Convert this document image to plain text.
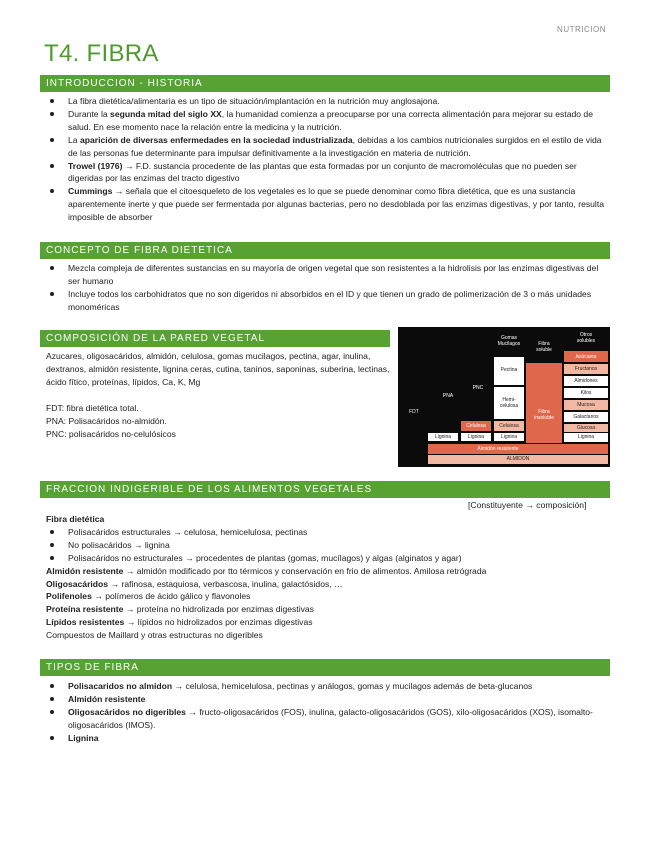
NUTRICION
T4. FIBRA
INTRODUCCION - HISTORIA
La fibra dietética/alimentaria es un tipo de situación/implantación en la nutrición muy anglosajona.
Durante la segunda mitad del siglo XX, la humanidad comienza a preocuparse por una correcta alimentación para mejorar su estado de salud. En ese momento nace la relación entre la medicina y la nutrición.
La aparición de diversas enfermedades en la sociedad industrializada, debidas a los cambios nutricionales surgidos en el estilo de vida de las personas fue determinante para impulsar definitivamente a la investigación en materia de nutrición.
Trowel (1976) → F.D. sustancia procedente de las plantas que esta formadas por un conjunto de macromoléculas que no pueden ser digeridas por las enzimas del tracto digestivo
Cummings → señala que el citoesqueleto de los vegetales es lo que se puede denominar como fibra dietética, que es una sustancia aparentemente inerte y que puede ser fermentada por algunas bacterias, pero no desdoblada por las enzimas digestivas, y por tanto, resulta imposible de absorber
CONCEPTO DE FIBRA DIETETICA
Mezcla compleja de diferentes sustancias en su mayoría de origen vegetal que son resistentes a la hidrolisis por las enzimas digestivas del ser humano
Incluye todos los carbohidratos que no son digeridos ni absorbidos en el ID y que tienen un grado de polimerización de 3 o más unidades monoméricas
COMPOSICIÓN DE LA PARED VEGETAL

Azucares, oligosacáridos, almidón, celulosa, gomas mucilagos, pectina, agar, inulina, dextranos, almidón resistente, lignina ceras, cutina, taninos, saponinas, suberina, lectinas, ácido fítico, proteínas, lípidos, Ca, K, Mg

FDT: fibra dietética total.

PNA: Polisacáridos no-almidón.

PNC: polisacáridos no-celulósicos

ALMIDON
Almidón resistente
Lignina	Lignina	Lignina
Celulosa	Celulosa
Hemi-
celulosa
Pectina
Gomas
Mucilagos
PNC
PNA
FDT	Fibra
insoluble
Fibra
soluble
Otros
solubles
Azúcares
Fructanos
Almidones
Kilos
Mucosa
Galactanos
Glucosa
Lignina
FRACCION INDIGERIBLE DE LOS ALIMENTOS VEGETALES
[Constituyente → composición]

Fibra dietética

Polisacáridos estructurales → celulosa, hemicelulosa, pectinas
No polisacáridos → lignina
Polisacáridos no estructurales → procedentes de plantas (gomas, mucílagos) y algas (alginatos y agar)

Almidón resistente → almidón modificado por tto térmicos y conservación en frio de alimentos. Amilosa retrógrada

Oligosacáridos → rafinosa, estaquiosa, verbascosa, inulina, galactósidos, …

Polifenoles → polímeros de ácido gálico y flavonoles

Proteína resistente → proteína no hidrolizada por enzimas digestivas

Lípidos resistentes → lípidos no hidrolizados por enzimas digestivas

Compuestos de Maillard y otras estructuras no digeribles

TIPOS DE FIBRA
Polisacaridos no almidon → celulosa, hemicelulosa, pectinas y análogos, gomas y mucilagos además de beta-glucanos
Almidón resistente
Oligosacáridos no digeribles → fructo-oligosacáridos (FOS), inulina, galacto-oligosacáridos (GOS), xilo-oligosacáridos (XOS), isomalto- oligosacáridos (IMOS).
Lignina
